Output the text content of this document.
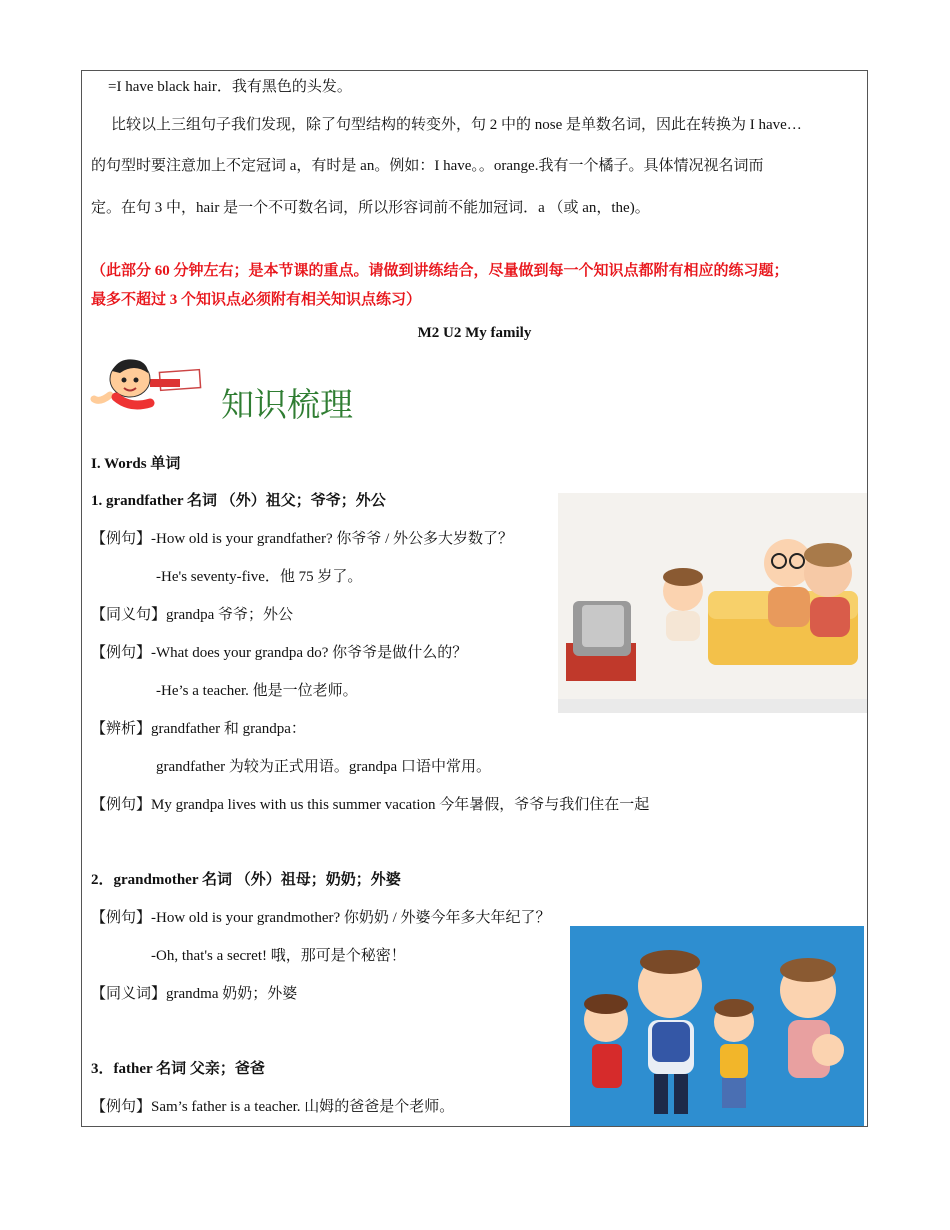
=I have black hair．我有黑色的头发。
比较以上三组句子我们发现，除了句型结构的转变外，句 2 中的 nose 是单数名词，因此在转换为 I have…
的句型时要注意加上不定冠词 a，有时是 an。例如：I have。。orange.我有一个橘子。具体情况视名词而
定。在句 3 中，hair 是一个不可数名词，所以形容词前不能加冠词．a （或 an，the)。
（此部分 60 分钟左右；是本节课的重点。请做到讲练结合，尽量做到每一个知识点都附有相应的练习题；
最多不超过 3 个知识点必须附有相关知识点练习）
M2 U2 My family
知识梳理
I. Words 单词
1. grandfather 名词 （外）祖父；爷爷；外公
【例句】-How old is your grandfather? 你爷爷 / 外公多大岁数了？
-He's seventy-five．他 75 岁了。
【同义句】grandpa 爷爷；外公
【例句】-What does your grandpa do? 你爷爷是做什么的？
-He’s a teacher. 他是一位老师。
【辨析】grandfather 和 grandpa：
grandfather 为较为正式用语。grandpa 口语中常用。
【例句】My grandpa lives with us this summer vacation 今年暑假，爷爷与我们住在一起
2．grandmother 名词 （外）祖母；奶奶；外婆
【例句】-How old is your grandmother? 你奶奶 / 外婆今年多大年纪了？
-Oh, that's a secret! 哦，那可是个秘密！
【同义词】grandma 奶奶；外婆
3．father 名词 父亲；爸爸
【例句】Sam’s father is a teacher. 山姆的爸爸是个老师。
